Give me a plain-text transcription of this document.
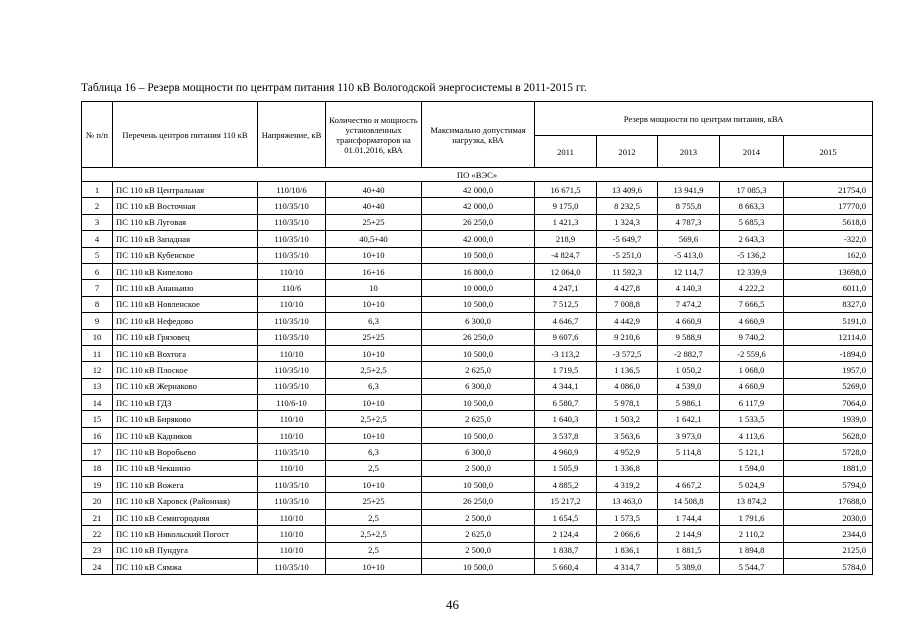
Таблица 16 – Резерв мощности по центрам питания 110 кВ Вологодской энергосистемы в 2011-2015 гг.
№ п/п	Перечень центров питания 110 кВ	Напряжение, кВ	Количество и мощность установленных трансформаторов на 01.01.2016, кВА	Максимально допустимая нагрузка, кВА	Резерв мощности по центрам питания, кВА				
					2011	2012	2013	2014	2015
ПО «ВЭС»									
1	ПС 110 кВ Центральная	110/10/6	40+40	42 000,0	16 671,5	13 409,6	13 941,9	17 085,3	21754,0
2	ПС 110 кВ Восточная	110/35/10	40+40	42 000,0	9 175,0	8 232,5	8 755,8	8 663,3	17770,0
3	ПС 110 кВ Луговая	110/35/10	25+25	26 250,0	1 421,3	1 324,3	4 787,3	5 685,3	5618,0
4	ПС 110 кВ Западная	110/35/10	40,5+40	42 000,0	218,9	-5 649,7	569,6	2 643,3	-322,0
5	ПС 110 кВ Кубенское	110/35/10	10+10	10 500,0	-4 824,7	-5 251,0	-5 413,0	-5 136,2	162,0
6	ПС 110 кВ Кипелово	110/10	16+16	16 800,0	12 064,0	11 592,3	12 114,7	12 339,9	13698,0
7	ПС 110 кВ Ананьино	110/6	10	10 000,0	4 247,1	4 427,8	4 140,3	4 222,2	6011,0
8	ПС 110 кВ Новленское	110/10	10+10	10 500,0	7 512,5	7 008,8	7 474,2	7 666,5	8327,0
9	ПС 110 кВ Нефедово	110/35/10	6,3	6 300,0	4 646,7	4 442,9	4 660,9	4 660,9	5191,0
10	ПС 110 кВ Грязовец	110/35/10	25+25	26 250,0	9 607,6	9 210,6	9 588,9	9 740,2	12114,0
11	ПС 110 кВ Вохтога	110/10	10+10	10 500,0	-3 113,2	-3 572,5	-2 882,7	-2 559,6	-1894,0
12	ПС 110 кВ Плоское	110/35/10	2,5+2,5	2 625,0	1 719,5	1 136,5	1 050,2	1 068,0	1957,0
13	ПС 110 кВ Жернаково	110/35/10	6,3	6 300,0	4 344,1	4 086,0	4 539,0	4 660,9	5269,0
14	ПС 110 кВ ГДЗ	110/6-10	10+10	10 500,0	6 580,7	5 978,1	5 986,1	6 117,9	7064,0
15	ПС 110 кВ Биряково	110/10	2,5+2,5	2 625,0	1 640,3	1 503,2	1 642,1	1 533,5	1939,0
16	ПС 110 кВ Кадников	110/10	10+10	10 500,0	3 537,8	3 563,6	3 973,0	4 113,6	5628,0
17	ПС 110 кВ Воробьево	110/35/10	6,3	6 300,0	4 960,9	4 952,9	5 114,8	5 121,1	5728,0
18	ПС 110 кВ Чекшино	110/10	2,5	2 500,0	1 505,9	1 336,8		1 594,0	1881,0
19	ПС 110 кВ Вожега	110/35/10	10+10	10 500,0	4 885,2	4 319,2	4 667,2	5 024,9	5794,0
20	ПС 110 кВ Харовск (Районная)	110/35/10	25+25	26 250,0	15 217,2	13 463,0	14 508,8	13 874,2	17688,0
21	ПС 110 кВ Семигородняя	110/10	2,5	2 500,0	1 654,5	1 573,5	1 744,4	1 791,6	2030,0
22	ПС 110 кВ Никольский Погост	110/10	2,5+2,5	2 625,0	2 124,4	2 066,6	2 144,9	2 110,2	2344,0
23	ПС 110 кВ Пундуга	110/10	2,5	2 500,0	1 838,7	1 836,1	1 881,5	1 894,8	2125,0
24	ПС 110 кВ Сямжа	110/35/10	10+10	10 500,0	5 660,4	4 314,7	5 389,0	5 544,7	5784,0
46
